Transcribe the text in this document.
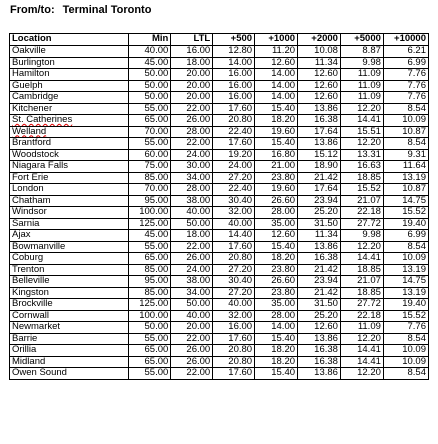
From/to: Terminal Toronto
Location	Min	LTL	+500	+1000	+2000	+5000	+10000
Oakville	40.00	16.00	12.80	11.20	10.08	8.87	6.21
Burlington	45.00	18.00	14.00	12.60	11.34	9.98	6.99
Hamilton	50.00	20.00	16.00	14.00	12.60	11.09	7.76
Guelph	50.00	20.00	16.00	14.00	12.60	11.09	7.76
Cambridge	50.00	20.00	16.00	14.00	12.60	11.09	7.76
Kitchener	55.00	22.00	17.60	15.40	13.86	12.20	8.54
St. Catherines	65.00	26.00	20.80	18.20	16.38	14.41	10.09
Welland	70.00	28.00	22.40	19.60	17.64	15.51	10.87
Brantford	55.00	22.00	17.60	15.40	13.86	12.20	8.54
Woodstock	60.00	24.00	19.20	16.80	15.12	13.31	9.31
Niagara Falls	75.00	30.00	24.00	21.00	18.90	16.63	11.64
Fort Erie	85.00	34.00	27.20	23.80	21.42	18.85	13.19
London	70.00	28.00	22.40	19.60	17.64	15.52	10.87
Chatham	95.00	38.00	30.40	26.60	23.94	21.07	14.75
Windsor	100.00	40.00	32.00	28.00	25.20	22.18	15.52
Sarnia	125.00	50.00	40.00	35.00	31.50	27.72	19.40
Ajax	45.00	18.00	14.40	12.60	11.34	9.98	6.99
Bowmanville	55.00	22.00	17.60	15.40	13.86	12.20	8.54
Coburg	65.00	26.00	20.80	18.20	16.38	14.41	10.09
Trenton	85.00	24.00	27.20	23.80	21.42	18.85	13.19
Belleville	95.00	38.00	30.40	26.60	23.94	21.07	14.75
Kingston	85.00	34.00	27.20	23.80	21.42	18.85	13.19
Brockville	125.00	50.00	40.00	35.00	31.50	27.72	19.40
Cornwall	100.00	40.00	32.00	28.00	25.20	22.18	15.52
Newmarket	50.00	20.00	16.00	14.00	12.60	11.09	7.76
Barrie	55.00	22.00	17.60	15.40	13.86	12.20	8.54
Orillia	65.00	26.00	20.80	18.20	16.38	14.41	10.09
Midland	65.00	26.00	20.80	18.20	16.38	14.41	10.09
Owen Sound	55.00	22.00	17.60	15.40	13.86	12.20	8.54
